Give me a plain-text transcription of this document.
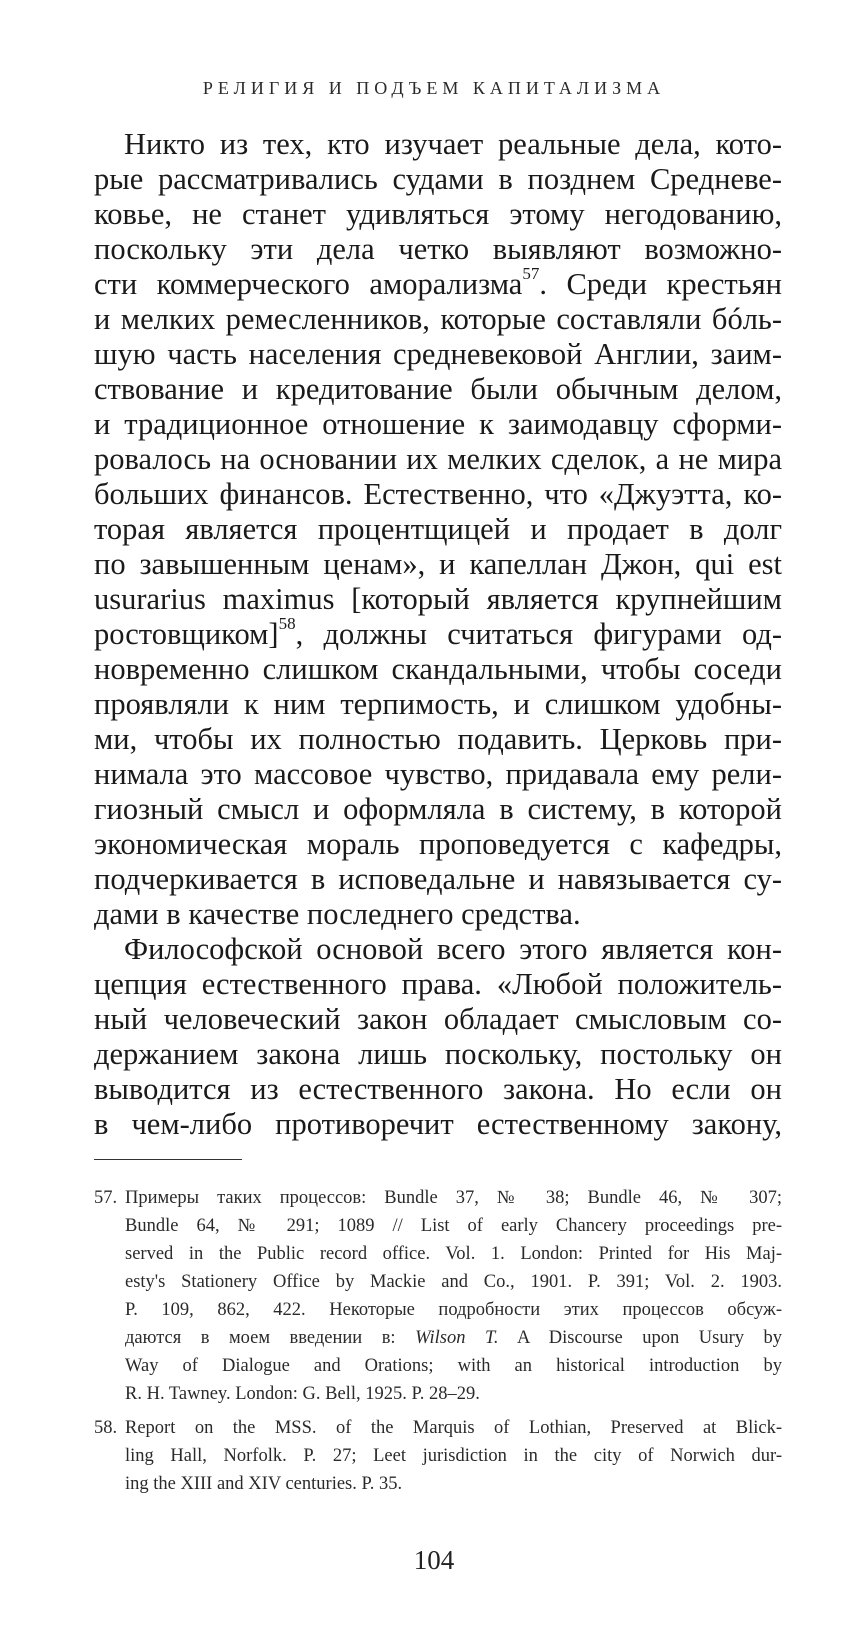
РЕЛИГИЯ И ПОДЪЕМ КАПИТАЛИЗМА
Никто из тех, кто изучает реальные дела, кото-
рые рассматривались судами в позднем Средневе-
ковье, не станет удивляться этому негодованию,
поскольку эти дела четко выявляют возможно-
сти коммерческого аморализма$^{57}$. Среди крестьян
и мелких ремесленников, которые составляли бóль-
шую часть населения средневековой Англии, заим-
ствование и кредитование были обычным делом,
и традиционное отношение к заимодавцу сформи-
ровалось на основании их мелких сделок, а не мира
больших финансов. Естественно, что «Джуэтта, ко-
торая является процентщицей и продает в долг
по завышенным ценам», и капеллан Джон, qui est
usurarius maximus [который является крупнейшим
ростовщиком]$^{58}$, должны считаться фигурами од-
новременно слишком скандальными, чтобы соседи
проявляли к ним терпимость, и слишком удобны-
ми, чтобы их полностью подавить. Церковь при-
нимала это массовое чувство, придавала ему рели-
гиозный смысл и оформляла в систему, в которой
экономическая мораль проповедуется с кафедры,
подчеркивается в исповедальне и навязывается су-
дами в качестве последнего средства.
Философской основой всего этого является кон-
цепция естественного права. «Любой положитель-
ный человеческий закон обладает смысловым со-
держанием закона лишь поскольку, постольку он
выводится из естественного закона. Но если он
в чем-либо противоречит естественному закону,
57. Примеры таких процессов: Bundle 37, № 38; Bundle 46, № 307;
Bundle 64, № 291; 1089 // List of early Chancery proceedings pre-
served in the Public record office. Vol. 1. London: Printed for His Maj-
esty's Stationery Office by Mackie and Co., 1901. P. 391; Vol. 2. 1903.
P. 109, 862, 422. Некоторые подробности этих процессов обсуж-
даются в моем введении в: Wilson T. A Discourse upon Usury by
Way of Dialogue and Orations; with an historical introduction by
R. H. Tawney. London: G. Bell, 1925. P. 28–29.
58. Report on the MSS. of the Marquis of Lothian, Preserved at Blick-
ling Hall, Norfolk. P. 27; Leet jurisdiction in the city of Norwich dur-
ing the XIII and XIV centuries. P. 35.
104
